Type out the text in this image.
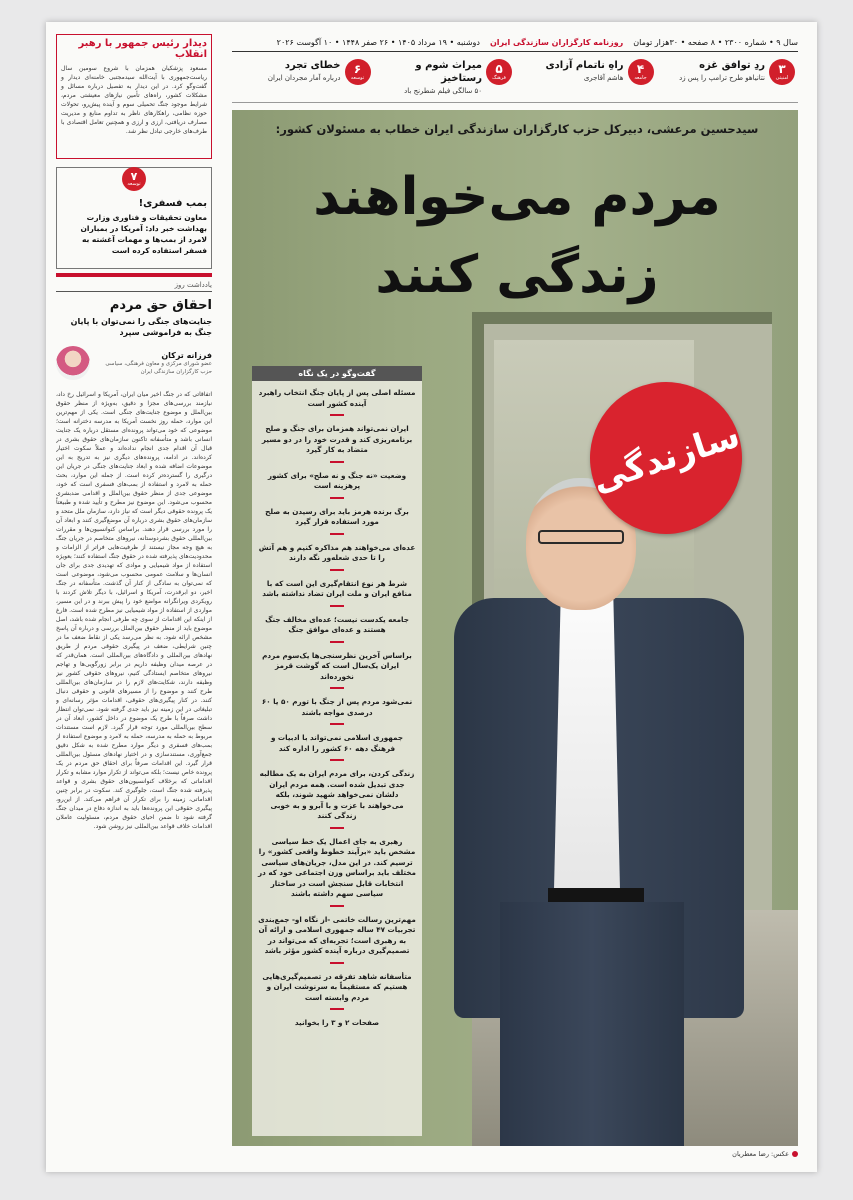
سال ۹ • شماره ۲۳۰۰ • ۸ صفحه • ۳۰هزار تومان
روزنامه کارگزاران سازندگی ایران
دوشنبه • ۱۹ مرداد ۱۴۰۵ • ۲۶ صفر ۱۴۴۸ • ۱۰ آگوست ۲۰۲۶
۳
امنیتی
ردِ توافق غزه
نتانیاهو طرح ترامپ را پس زد
۴
جامعه
راهِ ناتمام آزادی
هاشم آقاجری
۵
فرهنگ
میراث شوم و رستاخیز
۵۰ سالگی فیلم شطرنج باد
۶
توسعه
خطای تجرد
درباره آمار مجردان ایران
دیدار رئیس جمهور با رهبر انقلاب

مسعود پزشکیان همزمان با شروع سومین سال ریاست‌جمهوری با آیت‌الله سیدمجتبی خامنه‌ای دیدار و گفت‌وگو کرد. در این دیدار به تفصیل درباره مسائل و مشکلات کشور، راه‌های تأمین نیازهای معیشتی مردم، شرایط موجود جنگ تحمیلی سوم و آینده پیش‌رو، تحولات حوزه نظامی، راهکارهای ناظر به تداوم منابع و مدیریت مصارف دریافتی، ارزی و ارزی و همچنین تعامل اقتصادی با طرف‌های خارجی تبادل نظر شد.

۷
توسعه
بمب فسفری!

معاون تحقیقات و فناوری وزارت بهداشت خبر داد: آمریکا در بمباران لامرد از بمب‌ها و مهمات آغشته به فسفر استفاده کرده است

یادداشت روز
احقاق حق مردم
جنایت‌های جنگی را نمی‌توان با پایان جنگ به فراموشی سپرد
فرزانه ترکان
عضو شورای مرکزی و معاون فرهنگی، سیاسی حزب کارگزاران سازندگی ایران

اتفاقاتی که در جنگ اخیر میان ایران، آمریکا و اسرائیل رخ داد، نیازمند بررسی‌های مجزا و دقیق، به‌ویژه از منظر حقوق بین‌الملل و موضوع جنایت‌های جنگی است. یکی از مهم‌ترین این موارد، حمله روز نخست آمریکا به مدرسه دخترانه است؛ موضوعی که خود می‌تواند پرونده‌ای مستقل درباره یک جنایت انسانی باشد و متأسفانه تاکنون سازمان‌های حقوق بشری در قبال آن اقدام جدی انجام نداده‌اند و عملاً سکوت اختیار کرده‌اند. در ادامه، پرونده‌های دیگری نیز به تدریج به این موضوعات اضافه شده و ابعاد جنایت‌های جنگی در جریان این درگیری را گسترده‌تر کرده است. از جمله این موارد، بحث حمله به لامرد و استفاده از بمب‌های فسفری است که خود، موضوعی جدی از منظر حقوق بین‌الملل و اقدامی ضدبشری محسوب می‌شود. این موضوع نیز مطرح و تأیید شده و طبیعتاً یک پرونده حقوقی دیگر است که نیاز دارد، سازمان ملل متحد و سازمان‌های حقوق بشری درباره آن موضع‌گیری کنند و ابعاد آن را مورد بررسی قرار دهند. براساس کنوانسیون‌ها و مقررات بین‌المللی حقوق بشردوستانه، نیروهای متخاصم در جریان جنگ به هیچ وجه مجاز نیستند از ظرفیت‌هایی فراتر از الزامات و محدودیت‌های پذیرفته شده در حقوق جنگ استفاده کنند؛ بعویژه استفاده از مواد شیمیایی و موادی که تهدیدی جدی برای جان انسان‌ها و سلامت عمومی محسوب می‌شود، موضوعی است که نمی‌توان به سادگی از کنار آن گذشت. متأسفانه در جنگ اخیر، دو ابرقدرت، آمریکا و اسرائیل، با دیگر تلاش کردند با رویکردی ویرانگرانه مواضع خود را پیش ببرند و در این مسیر، مواردی از استفاده از مواد شیمیایی نیز مطرح شده است. فارغ از اینکه این اقدامات از سوی چه طرفی انجام شده باشد، اصل موضوع باید از منظر حقوق بین‌الملل بررسی و درباره آن پاسخ مشخص ارائه شود. به نظر می‌رسد یکی از نقاط ضعف ما در چنین شرایطی، ضعف در پیگیری حقوقی مردم از طریق نهادهای بین‌المللی و دادگاه‌های بین‌المللی است. همان‌قدر که در عرصه میدان وظیفه داریم در برابر زورگویی‌ها و تهاجم نیروهای متخاصم ایستادگی کنیم، نیروهای حقوقی کشور نیز وظیفه دارند، شکایت‌های لازم را در سازمان‌های بین‌المللی طرح کنند و موضوع را از مسیرهای قانونی و حقوقی دنبال کنند. در کنار پیگیری‌های حقوقی، اقدامات مؤثر رسانه‌ای و تبلیغاتی در این زمینه نیز باید جدی گرفته شود. نمی‌توان انتظار داشت صرفاً با طرح یک موضوع در داخل کشور، ابعاد آن در سطح بین‌المللی مورد توجه قرار گیرد. لازم است مستندات مربوط به حمله به مدرسه، حمله به لامرد و موضوع استفاده از بمب‌های فسفری و دیگر موارد مطرح شده به شکل دقیق جمع‌آوری، مستندسازی و در اختیار نهادهای مسئول بین‌المللی قرار گیرد. این اقدامات صرفاً برای احقاق حق مردم در یک پرونده خاص نیست؛ بلکه می‌تواند از تکرار موارد مشابه و تکرار اقداماتی که برخلاف کنوانسیون‌های حقوق بشری و قواعد پذیرفته شده جنگ است، جلوگیری کند. سکوت در برابر چنین اقداماتی، زمینه را برای تکرار آن فراهم می‌کند. از این‌رو، پیگیری حقوقی این پرونده‌ها باید به اندازه دفاع در میدان جنگ گرفته شود تا ضمن احیای حقوق مردم، مسئولیت عاملان اقدامات خلاف قواعد بین‌المللی نیز روشن شود.

سیدحسین مرعشی، دبیرکل حزب کارگزاران سازندگی ایران خطاب به مسئولان کشور:
مردم می‌خواهند
زندگی کنند
سازندگی
گفت‌وگو در یک نگاه
مسئله اصلی پس از پایان جنگ انتخاب راهبرد آینده کشور است
ایران نمی‌تواند همزمان برای جنگ و صلح برنامه‌ریزی کند و قدرت خود را در دو مسیر متضاد به کار گیرد
وضعیت «نه جنگ و نه صلح» برای کشور پرهزینه است
برگ برنده هرمز باید برای رسیدن به صلح مورد استفاده قرار گیرد
عده‌ای می‌خواهند هم مذاکره کنیم و هم آتش را تا حدی شعله‌ور نگه دارند
شرط هر نوع انتقام‌گیری این است که با منافع ایران و ملت ایران تضاد نداشته باشد
جامعه یکدست نیست؛ عده‌ای مخالف جنگ هستند و عده‌ای موافق جنگ
براساس آخرین نظرسنجی‌ها یک‌سوم مردم ایران یک‌سال است که گوشت قرمز نخورده‌اند
نمی‌شود مردم پس از جنگ با تورم ۵۰ یا ۶۰ درصدی مواجه باشند
جمهوری اسلامی نمی‌تواند با ادبیات و فرهنگ دهه ۶۰ کشور را اداره کند
زندگی کردن، برای مردم ایران به یک مطالبه جدی تبدیل شده است. همه مردم ایران دلشان نمی‌خواهد شهید شوند، بلکه می‌خواهند با عزت و با آبرو و به خوبی زندگی کنند
رهبری به جای اعمال یک خط سیاسی مشخص باید «برآیند خطوط واقعی کشور» را ترسیم کند. در این مدل، جریان‌های سیاسی مختلف باید براساس وزن اجتماعی خود که در انتخابات قابل سنجش است در ساختار سیاسی سهم داشته باشند
مهم‌ترین رسالت خاتمی -از نگاه او- جمع‌بندی تجربیات ۴۷ ساله جمهوری اسلامی و ارائه آن به رهبری است؛ تجربه‌ای که می‌تواند در تصمیم‌گیری درباره آینده کشور مؤثر باشد
متأسفانه شاهد تفرقه در تصمیم‌گیری‌هایی هستیم که مستقیماً به سرنوشت ایران و مردم وابسته است
صفحات ۲ و ۳ را بخوانید
عکس: رضا معطریان
